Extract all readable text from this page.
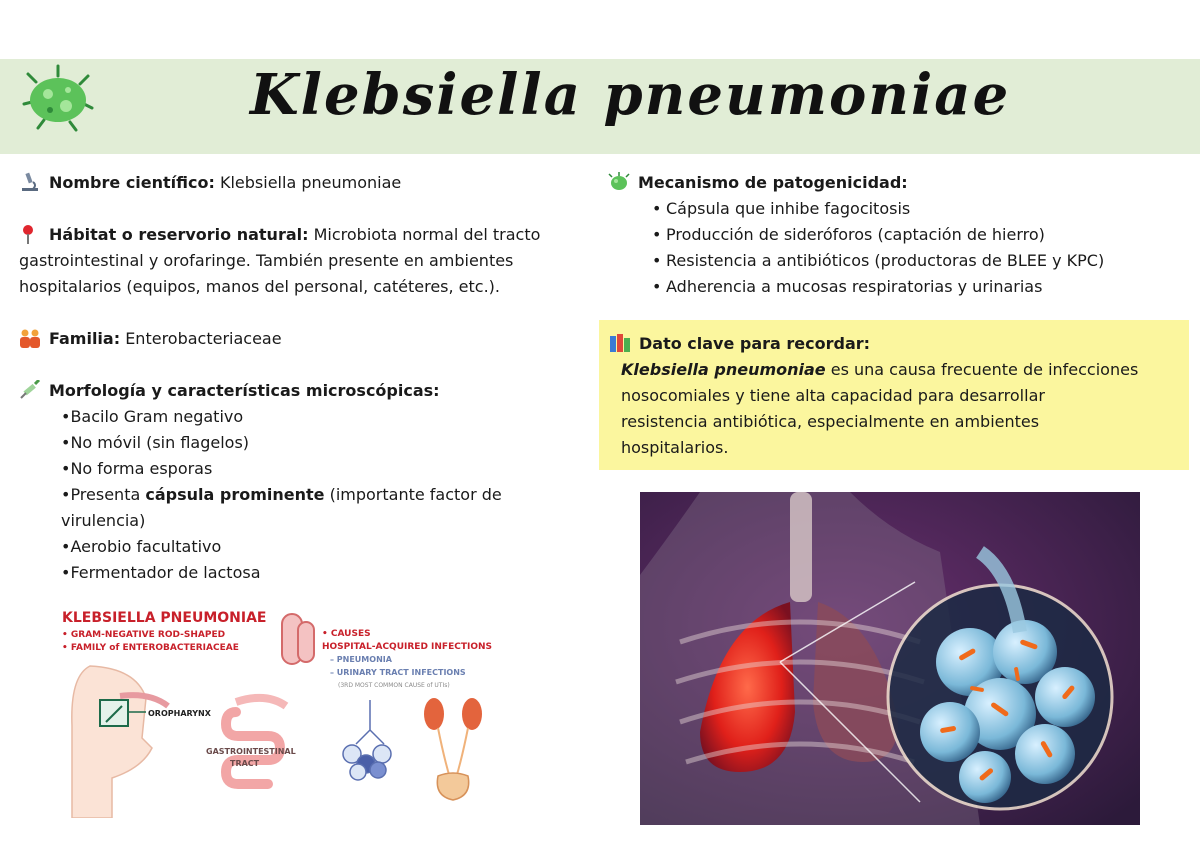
Klebsiella pneumoniae

Nombre científico: Klebsiella pneumoniae

Hábitat o reservorio natural: Microbiota normal del tracto

gastrointestinal y orofaringe. También presente en ambientes

hospitalarios (equipos, manos del personal, catéteres, etc.).

Familia: Enterobacteriaceae

Morfología y características microscópicas:

•Bacilo Gram negativo

•No móvil (sin flagelos)

•No forma esporas

•Presenta cápsula prominente (importante factor de

virulencia)

•Aerobio facultativo

•Fermentador de lactosa

Mecanismo de patogenicidad:

• Cápsula que inhibe fagocitosis

• Producción de sideróforos (captación de hierro)

• Resistencia a antibióticos (productoras de BLEE y KPC)

• Adherencia a mucosas respiratorias y urinarias

Dato clave para recordar:

Klebsiella pneumoniae es una causa frecuente de infecciones

nosocomiales y tiene alta capacidad para desarrollar

resistencia antibiótica, especialmente en ambientes

hospitalarios.

KLEBSIELLA PNEUMONIAE
• GRAM-NEGATIVE ROD-SHAPED
• FAMILY of ENTEROBACTERIACEAE
• CAUSES
HOSPITAL-ACQUIRED INFECTIONS
– PNEUMONIA
– URINARY TRACT INFECTIONS
(3RD MOST COMMON CAUSE of UTIs)
OROPHARYNX
GASTROINTESTINAL
TRACT
